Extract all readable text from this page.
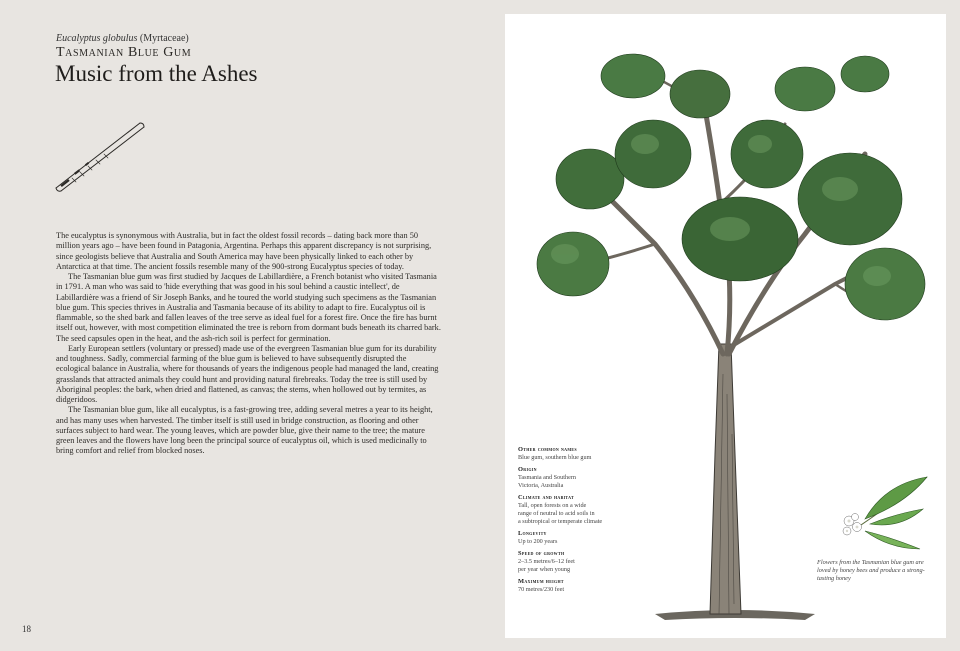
Eucalyptus globulus (Myrtaceae)
Tasmanian Blue Gum
Music from the Ashes

The eucalyptus is synonymous with Australia, but in fact the oldest fossil records – dating back more than 50 million years ago – have been found in Patagonia, Argentina. Perhaps this apparent discrepancy is not surprising, since geologists believe that Australia and South America may have been physically linked to each other by Antarctica at that time. The ancient fossils resemble many of the 900-strong Eucalyptus species of today.

The Tasmanian blue gum was first studied by Jacques de Labillardière, a French botanist who visited Tasmania in 1791. A man who was said to 'hide everything that was good in his soul behind a caustic intellect', de Labillardière was a friend of Sir Joseph Banks, and he toured the world studying such specimens as the Tasmanian blue gum. This species thrives in Australia and Tasmania because of its ability to adapt to fire. Eucalyptus oil is flammable, so the shed bark and fallen leaves of the tree serve as ideal fuel for a forest fire. Once the fire has burnt itself out, however, with most competition eliminated the tree is reborn from dormant buds beneath its charred bark. The seed capsules open in the heat, and the ash-rich soil is perfect for germination.

Early European settlers (voluntary or pressed) made use of the evergreen Tasmanian blue gum for its durability and toughness. Sadly, commercial farming of the blue gum is believed to have subsequently disrupted the ecological balance in Australia, where for thousands of years the indigenous people had managed the land, creating grasslands that attracted animals they could hunt and providing natural firebreaks. Today the tree is still used by Aboriginal peoples: the bark, when dried and flattened, as canvas; the stems, when hollowed out by termites, as didgeridoos.

The Tasmanian blue gum, like all eucalyptus, is a fast-growing tree, adding several metres a year to its height, and has many uses when harvested. The timber itself is still used in bridge construction, as flooring and other surfaces subject to hard wear. The young leaves, which are powder blue, give their name to the tree; the mature green leaves and the flowers have long been the principal source of eucalyptus oil, which is used medicinally to bring comfort and relief from blocked noses.

18
Other common names
Blue gum, southern blue gum
Origin
Tasmania and Southern
Victoria, Australia
Climate and habitat
Tall, open forests on a wide
range of neutral to acid soils in
a subtropical or temperate climate
Longevity
Up to 200 years
Speed of growth
2–3.5 metres/6–12 feet
per year when young
Maximum height
70 metres/230 feet
Flowers from the Tasmanian blue gum are loved by honey bees and produce a strong-tasting honey
